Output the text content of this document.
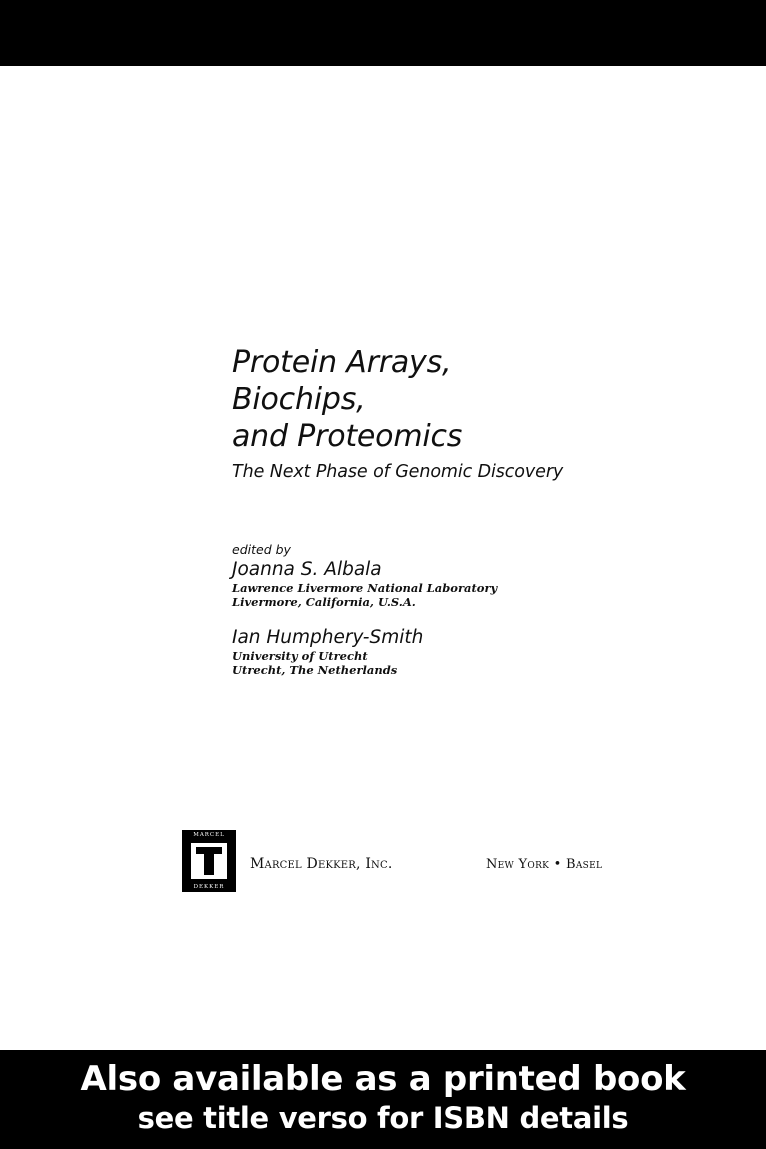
Protein Arrays,
Biochips,
and Proteomics
The Next Phase of Genomic Discovery
edited by
Joanna S. Albala
Lawrence Livermore National Laboratory
Livermore, California, U.S.A.
Ian Humphery-Smith
University of Utrecht
Utrecht, The Netherlands
MARCEL
DEKKER
Marcel Dekker, Inc.	New York • Basel
Also available as a printed book
see title verso for ISBN details
